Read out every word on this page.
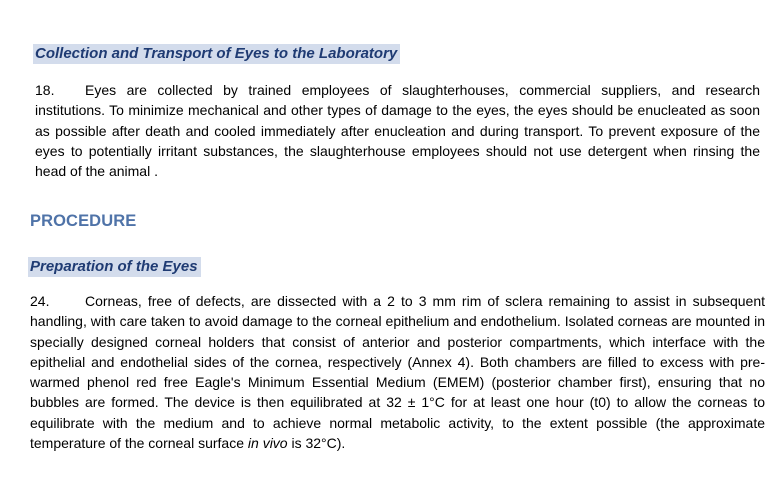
Collection and Transport of Eyes to the Laboratory
18. Eyes are collected by trained employees of slaughterhouses, commercial suppliers, and research institutions. To minimize mechanical and other types of damage to the eyes, the eyes should be enucleated as soon as possible after death and cooled immediately after enucleation and during transport. To prevent exposure of the eyes to potentially irritant substances, the slaughterhouse employees should not use detergent when rinsing the head of the animal .
PROCEDURE
Preparation of the Eyes
24.	Corneas, free of defects, are dissected with a 2 to 3 mm rim of sclera remaining to assist in subsequent handling, with care taken to avoid damage to the corneal epithelium and endothelium. Isolated corneas are mounted in specially designed corneal holders that consist of anterior and posterior compartments, which interface with the epithelial and endothelial sides of the cornea, respectively (Annex 4). Both chambers are filled to excess with pre-warmed phenol red free Eagle's Minimum Essential Medium (EMEM) (posterior chamber first), ensuring that no bubbles are formed. The device is then equilibrated at 32 ± 1°C for at least one hour (t0) to allow the corneas to equilibrate with the medium and to achieve normal metabolic activity, to the extent possible (the approximate temperature of the corneal surface in vivo is 32°C).
